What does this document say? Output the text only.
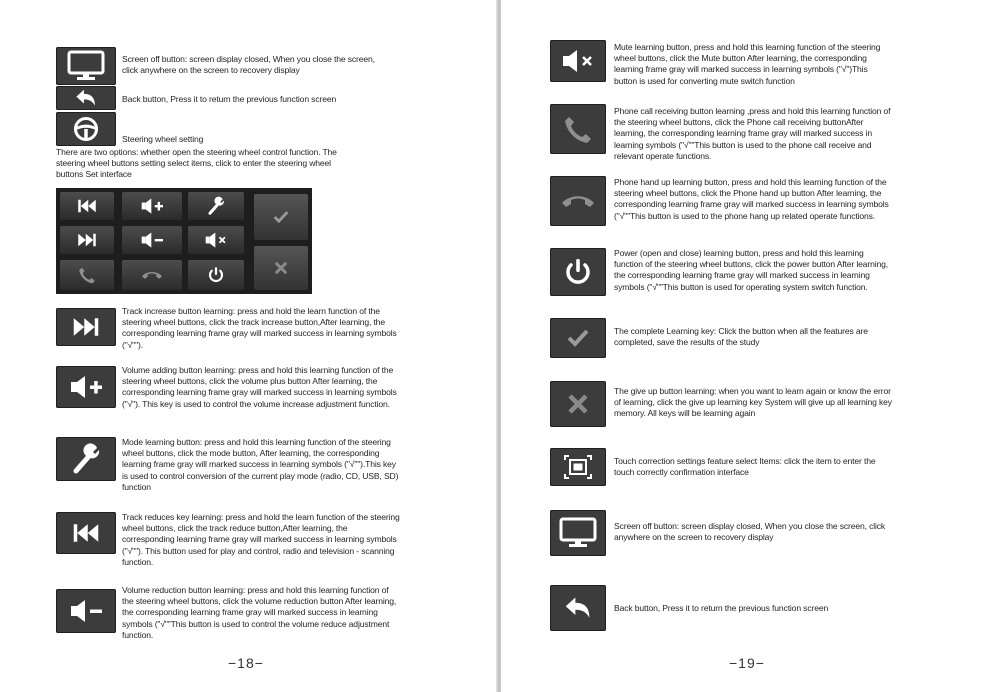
Screen off button: screen display closed, When you close the screen, click anywhere on the screen to recovery display
Back button, Press it to return the previous function screen
Steering wheel setting
There are two options: whether open the steering wheel control function. The steering wheel buttons setting select items, click to enter the steering wheel buttons Set interface
Track increase button learning: press and hold the learn function of the steering wheel buttons, click the track increase button,After learning, the corresponding learning frame gray will marked success in learning symbols ("√"").
Volume adding button learning: press and hold this learning function of the steering wheel buttons, click the volume plus button After learning, the corresponding learning frame gray will marked success in learning symbols ("√"). This key is used to control the volume increase adjustment function.
Mode learning button: press and hold this learning function of the steering wheel buttons, click the mode button, After learning, the corresponding learning frame gray will marked success in learning symbols ("√"").This key is used to control conversion of the current play mode (radio, CD, USB, SD) function
Track reduces key learning: press and hold the learn function of the steering wheel buttons, click the track reduce button,After learning, the corresponding learning frame gray will marked success in learning symbols ("√""). This button used for play and control, radio and television - scanning function.
Volume reduction button learning: press and hold this learning function of the steering wheel buttons, click the volume reduction button After learning, the corresponding learning frame gray will marked success in learning symbols ("√""This button is used to control the volume reduce adjustment function.
−18−
Mute learning button, press and hold this learning function of the steering wheel buttons, click the Mute button After learning, the corresponding learning frame gray will marked success in learning symbols ("√")This button is used for converting mute switch function
Phone call receiving button learning ,press and hold this learning function of the steering wheel buttons, click the Phone call receiving buttonAfter learning, the corresponding learning frame gray will marked success in learning symbols ("√""This button is used to the phone call receive and relevant operate functions.
Phone hand up learning button, press and hold this learning function of the steering wheel buttons, click the Phone hand up button After learning, the corresponding learning frame gray will marked success in learning symbols ("√""This button is used to the phone hang up related operate functions.
Power (open and close) learning button, press and hold this learning function of the steering wheel buttons, click the power button After learning, the corresponding learning frame gray will marked success in learning symbols ("√""This button is used for operating system switch function.
The complete Learning key: Click the button when all the features are completed, save the results of the study
The give up button learning: when you want to learn again or know the error of learning, click the give up learning key System will give up all learning key memory. All keys will be learning again
Touch correction settings feature select Items: click the item to enter the touch correctly confirmation interface
Screen off button: screen display closed, When you close the screen, click anywhere on the screen to recovery display
Back button, Press it to return the previous function screen
−19−
